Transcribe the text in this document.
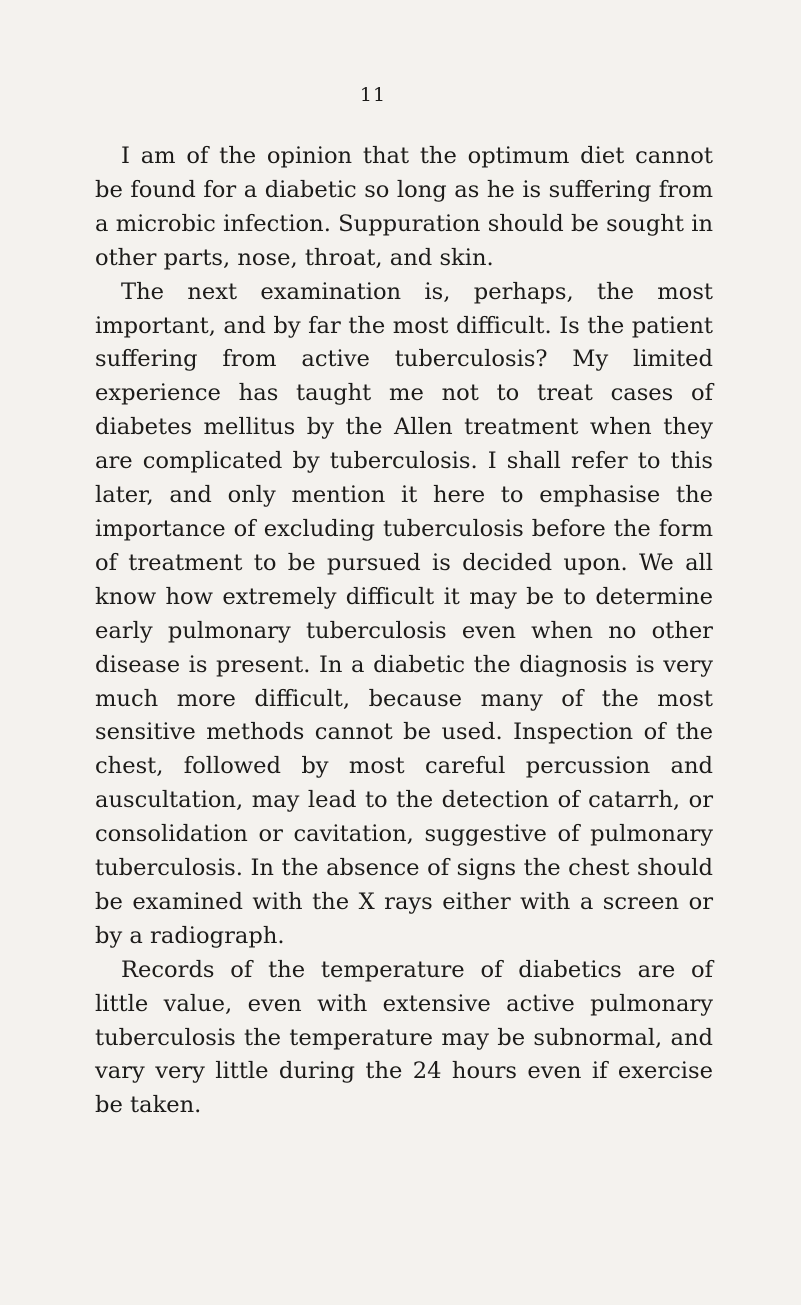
11

I am of the opinion that the optimum diet cannot be found for a diabetic so long as he is suffering from a microbic infection. Suppuration should be sought in other parts, nose, throat, and skin.

The next examination is, perhaps, the most important, and by far the most difficult. Is the patient suffering from active tuberculosis? My limited experience has taught me not to treat cases of diabetes mellitus by the Allen treatment when they are complicated by tuberculosis. I shall refer to this later, and only mention it here to emphasise the importance of excluding tuberculosis before the form of treatment to be pursued is decided upon. We all know how extremely difficult it may be to determine early pulmonary tuberculosis even when no other disease is present. In a diabetic the diagnosis is very much more difficult, because many of the most sensitive methods cannot be used. Inspection of the chest, followed by most careful percussion and auscultation, may lead to the detection of catarrh, or consolidation or cavitation, suggestive of pulmonary tuberculosis. In the absence of signs the chest should be examined with the X rays either with a screen or by a radiograph.

Records of the temperature of diabetics are of little value, even with extensive active pulmonary tuberculosis the temperature may be subnormal, and vary very little during the 24 hours even if exercise be taken.
